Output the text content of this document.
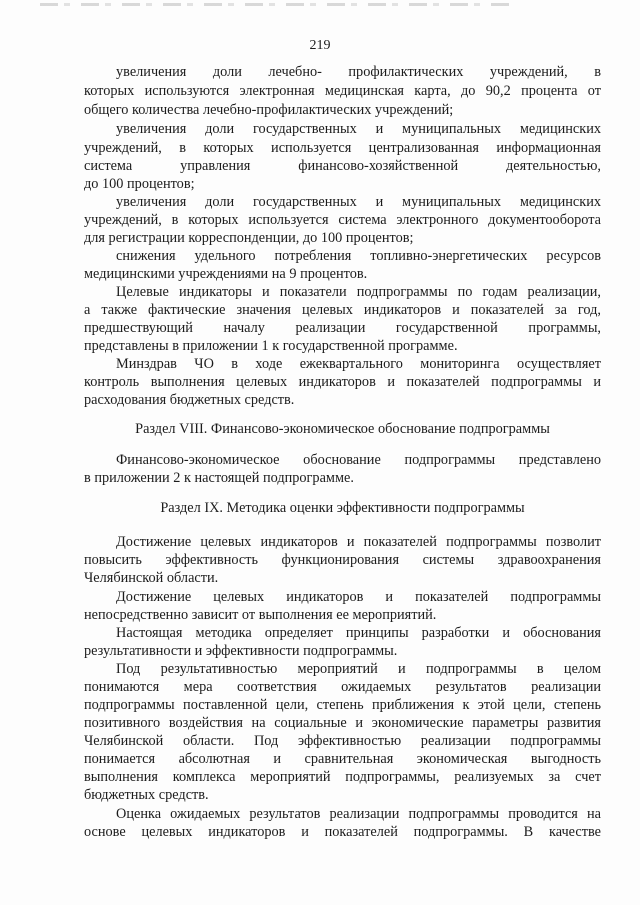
219
увеличения доли лечебно- профилактических учреждений, в
которых используются электронная медицинская карта, до 90,2 процента от
общего количества лечебно-профилактических учреждений;
увеличения доли государственных и муниципальных медицинских
учреждений, в которых используется централизованная информационная
система управления финансово-хозяйственной деятельностью,
до 100 процентов;
увеличения доли государственных и муниципальных медицинских
учреждений, в которых используется система электронного документооборота
для регистрации корреспонденции, до 100 процентов;
снижения удельного потребления топливно-энергетических ресурсов
медицинскими учреждениями на 9 процентов.
Целевые индикаторы и показатели подпрограммы по годам реализации,
а также фактические значения целевых индикаторов и показателей за год,
предшествующий началу реализации государственной программы,
представлены в приложении 1 к государственной программе.
Минздрав ЧО в ходе ежеквартального мониторинга осуществляет
контроль выполнения целевых индикаторов и показателей подпрограммы и
расходования бюджетных средств.
Раздел VIII. Финансово-экономическое обоснование подпрограммы
Финансово-экономическое обоснование подпрограммы представлено
в приложении 2 к настоящей подпрограмме.
Раздел IX. Методика оценки эффективности подпрограммы
Достижение целевых индикаторов и показателей подпрограммы позволит
повысить эффективность функционирования системы здравоохранения
Челябинской области.
Достижение целевых индикаторов и показателей подпрограммы
непосредственно зависит от выполнения ее мероприятий.
Настоящая методика определяет принципы разработки и обоснования
результативности и эффективности подпрограммы.
Под результативностью мероприятий и подпрограммы в целом
понимаются мера соответствия ожидаемых результатов реализации
подпрограммы поставленной цели, степень приближения к этой цели, степень
позитивного воздействия на социальные и экономические параметры развития
Челябинской области. Под эффективностью реализации подпрограммы
понимается абсолютная и сравнительная экономическая выгодность
выполнения комплекса мероприятий подпрограммы, реализуемых за счет
бюджетных средств.
Оценка ожидаемых результатов реализации подпрограммы проводится на
основе целевых индикаторов и показателей подпрограммы. В качестве
